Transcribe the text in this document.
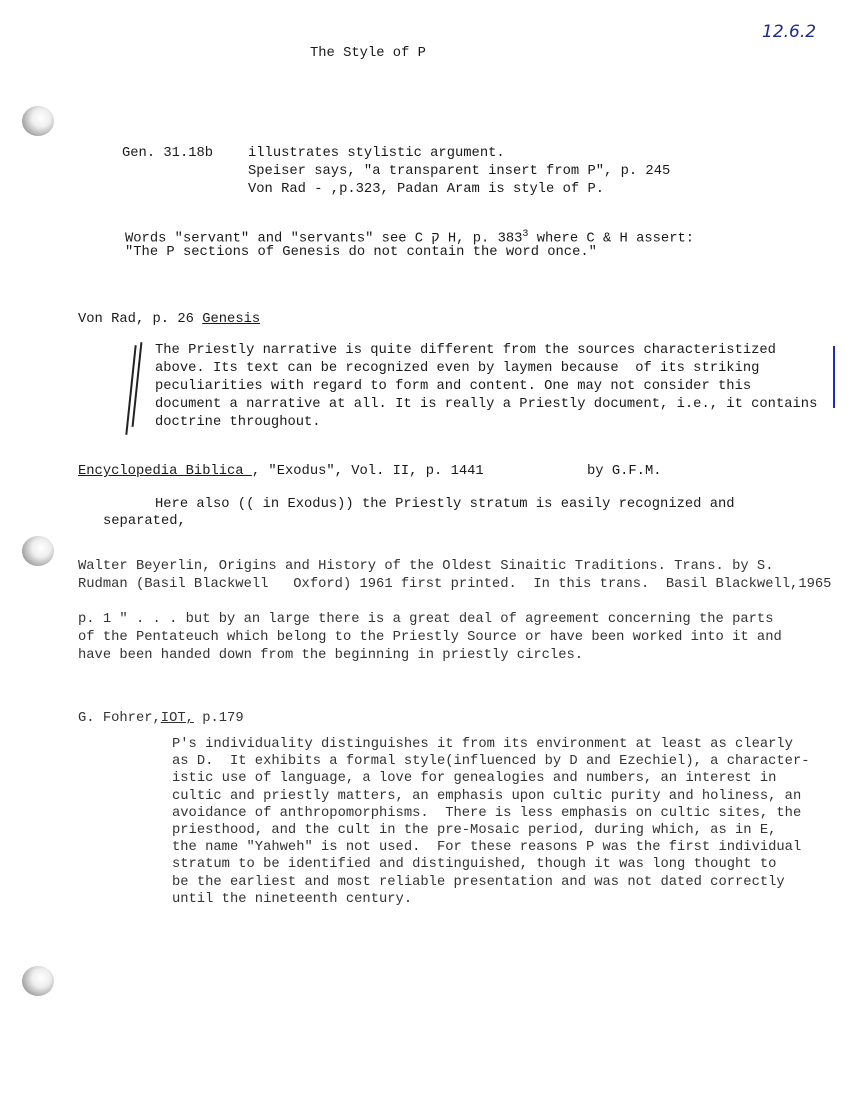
12.6.2
The Style of P
Gen. 31.18b	illustrates stylistic argument.
Speiser says, "a transparent insert from P", p. 245
Von Rad - ,p.323, Padan Aram is style of P.
Words "servant" and "servants" see C ק H, p. $383^3$ where C & H assert:
"The P sections of Genesis do not contain the word once."
Von Rad, p. 26 Genesis
The Priestly narrative is quite different from the sources characteristized
above. Its text can be recognized even by laymen because  of its striking
peculiarities with regard to form and content. One may not consider this
document a narrative at all. It is really a Priestly document, i.e., it contains
doctrine throughout.
Encyclopedia Biblica_, "Exodus", Vol. II, p. 1441	by G.F.M.
Here also (( in Exodus)) the Priestly stratum is easily recognized and
separated,
Walter Beyerlin, Origins and History of the Oldest Sinaitic Traditions. Trans. by S.
Rudman (Basil Blackwell   Oxford) 1961 first printed.  In this trans.  Basil Blackwell,1965
p. 1 " . . . but by an large there is a great deal of agreement concerning the parts
of the Pentateuch which belong to the Priestly Source or have been worked into it and
have been handed down from the beginning in priestly circles.
G. Fohrer,IOT, p.179
P's individuality distinguishes it from its environment at least as clearly
as D.  It exhibits a formal style(influenced by D and Ezechiel), a character-
istic use of language, a love for genealogies and numbers, an interest in
cultic and priestly matters, an emphasis upon cultic purity and holiness, an
avoidance of anthropomorphisms.  There is less emphasis on cultic sites, the
priesthood, and the cult in the pre-Mosaic period, during which, as in E,
the name "Yahweh" is not used.  For these reasons P was the first individual
stratum to be identified and distinguished, though it was long thought to
be the earliest and most reliable presentation and was not dated correctly
until the nineteenth century.
